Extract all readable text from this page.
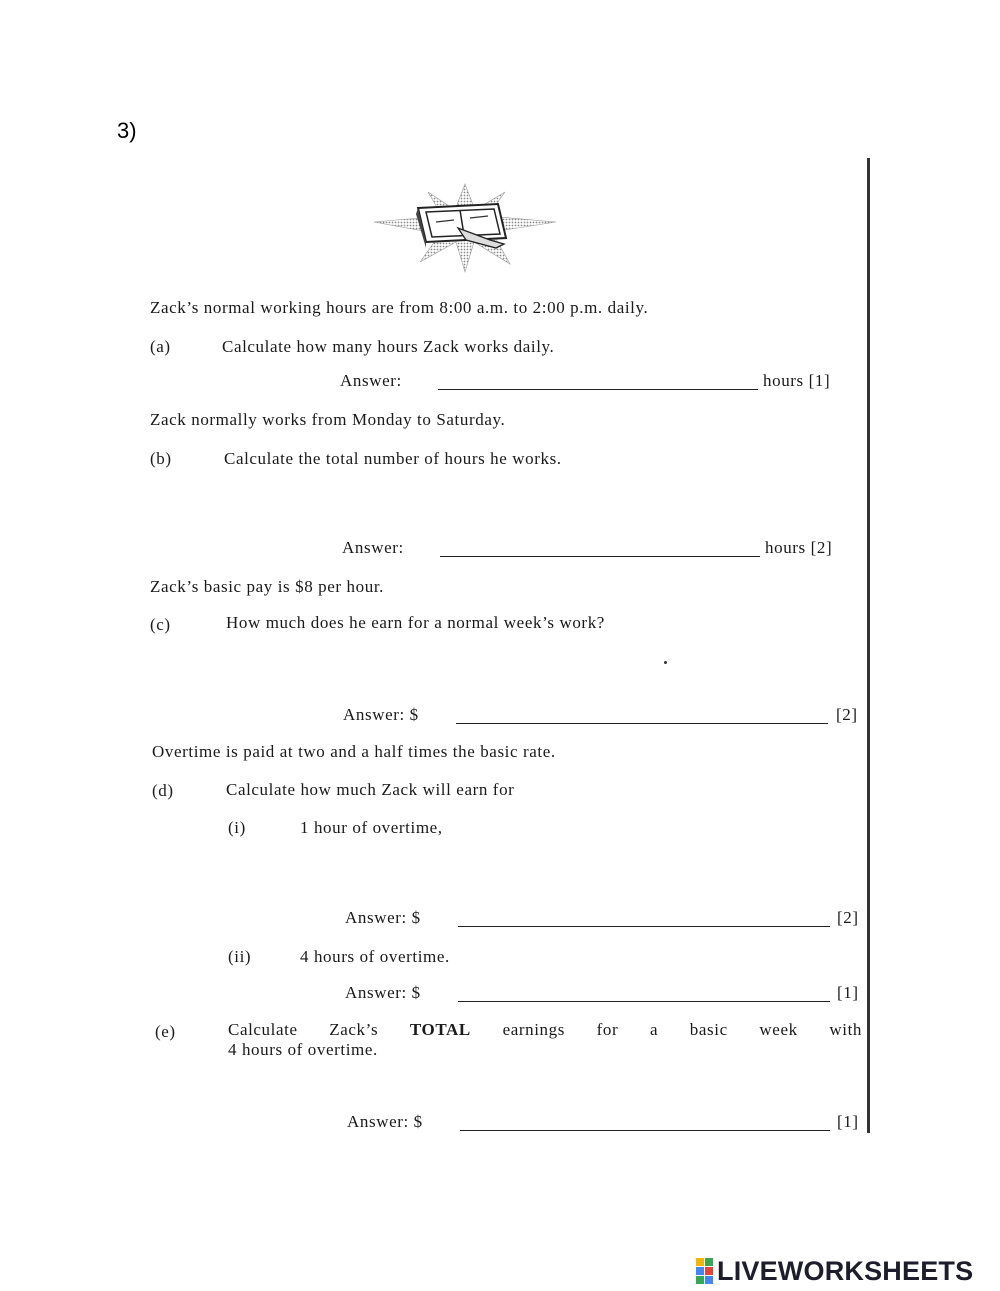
3)
Zack’s normal working hours are from 8:00 a.m. to 2:00 p.m. daily.
(a)	Calculate how many hours Zack works daily.
Answer:	hours [1]
Zack normally works from Monday to Saturday.
(b)	Calculate the total number of hours he works.
Answer:	hours [2]
Zack’s basic pay is $8 per hour.
(c)	How much does he earn for a normal week’s work?
Answer: $	[2]
Overtime is paid at two and a half times the basic rate.
(d)	Calculate how much Zack will earn for
(i)	1 hour of overtime,
Answer: $	[2]
(ii)	4 hours of overtime.
Answer: $	[1]
(e)	Calculate Zack’s TOTAL earnings for a basic week with
4 hours of overtime.
Answer: $	[1]
LIVEWORKSHEETS
